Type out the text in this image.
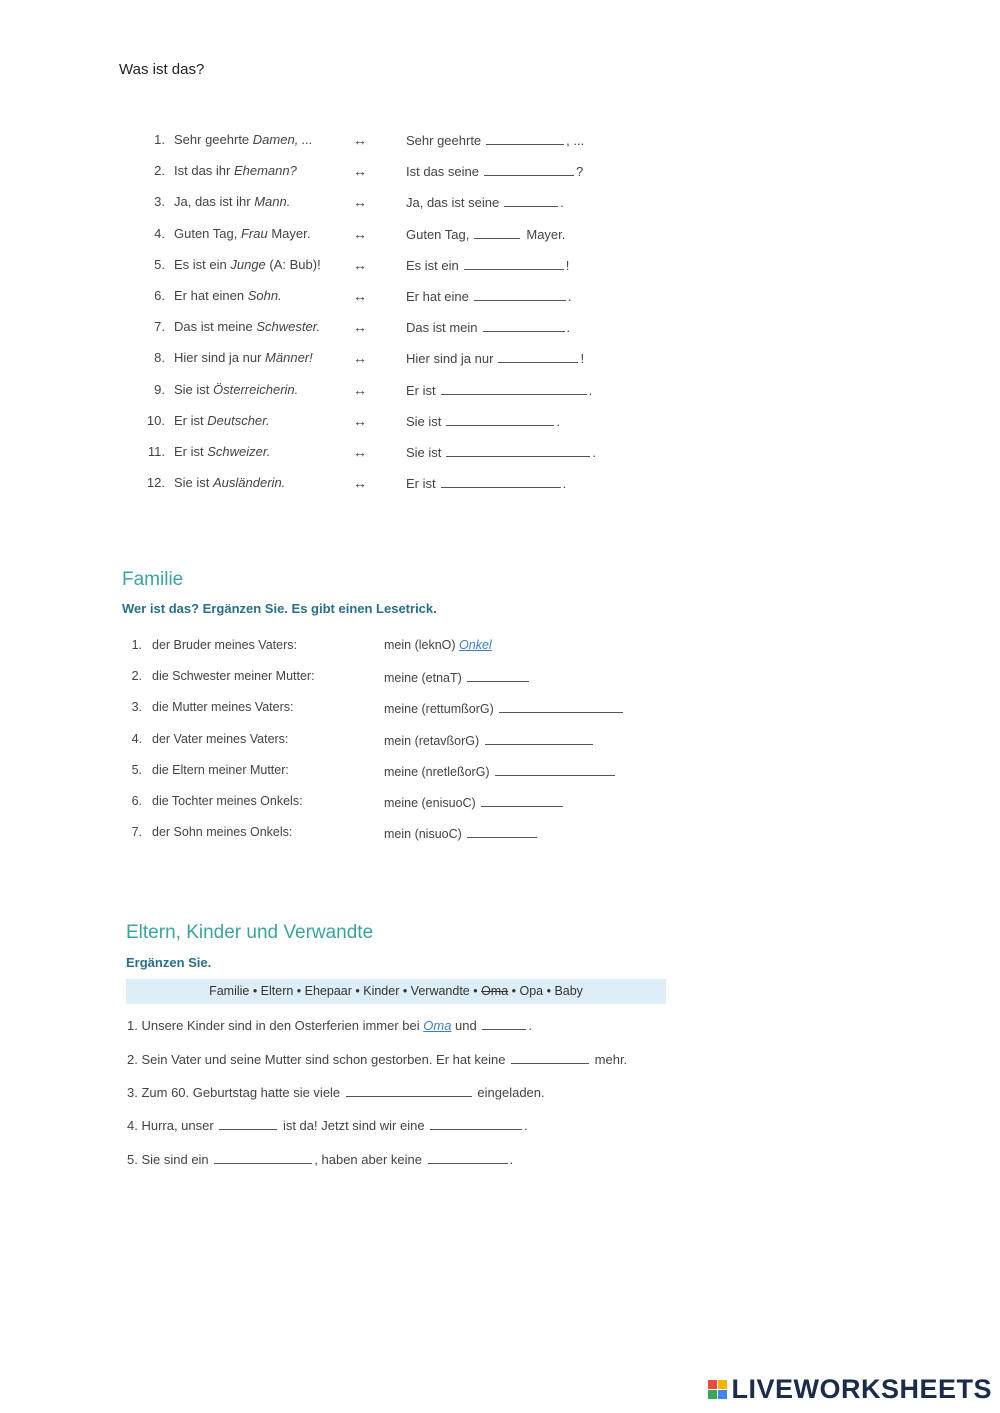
Was ist das?
1. Sehr geehrte Damen, ...	↔	Sehr geehrte	, ...
2. Ist das ihr Ehemann?	↔	Ist das seine	?
3. Ja, das ist ihr Mann.	↔	Ja, das ist seine	.
4. Guten Tag, Frau Mayer.	↔	Guten Tag,	Mayer.
5. Es ist ein Junge (A: Bub)! ↔	Es ist ein	!
6. Er hat einen Sohn.	↔	Er hat eine	.
7. Das ist meine Schwester. ↔	Das ist mein	.
8. Hier sind ja nur Männer!	↔	Hier sind ja nur	!
9. Sie ist Österreicherin.	↔	Er ist	.
10. Er ist Deutscher.	↔	Sie ist	.
11. Er ist Schweizer.	↔	Sie ist	.
12. Sie ist Ausländerin.	↔	Er ist	.
Familie
Wer ist das? Ergänzen Sie. Es gibt einen Lesetrick.
1. der Bruder meines Vaters:	mein (leknO) Onkel
2. die Schwester meiner Mutter:	meine (etnaT)
3. die Mutter meines Vaters:	meine (rettumßorG)
4. der Vater meines Vaters:	mein (retavßorG)
5. die Eltern meiner Mutter:	meine (nretleßorG)
6. die Tochter meines Onkels:	meine (enisuoC)
7. der Sohn meines Onkels:	mein (nisuoC)
Eltern, Kinder und Verwandte
Ergänzen Sie.
Familie • Eltern • Ehepaar • Kinder • Verwandte • Oma • Opa • Baby
1. Unsere Kinder sind in den Osterferien immer bei Oma und	.
2. Sein Vater und seine Mutter sind schon gestorben. Er hat keine	mehr.
3. Zum 60. Geburtstag hatte sie viele	eingeladen.
4. Hurra, unser	ist da! Jetzt sind wir eine	.
5. Sie sind ein	, haben aber keine	.
LIVEWORKSHEETS
